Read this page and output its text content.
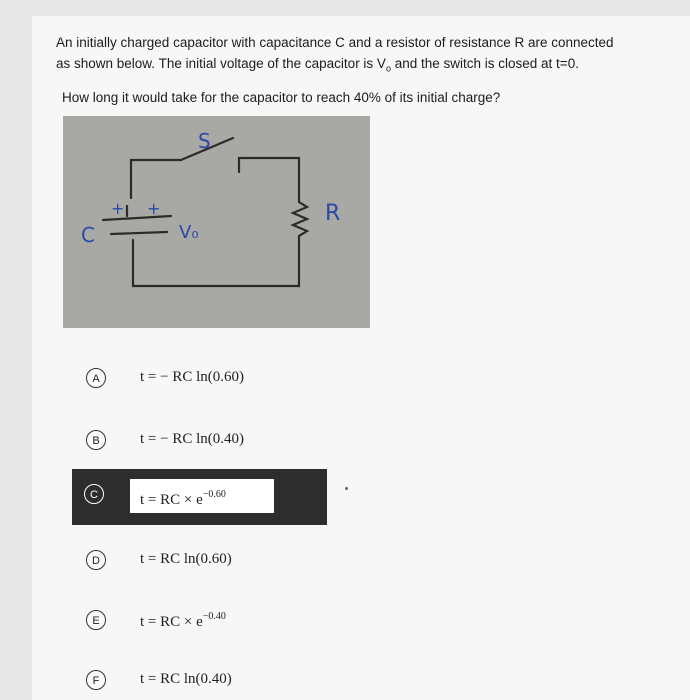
An initially charged capacitor with capacitance C and a resistor of resistance R are connected
as shown below. The initial voltage of the capacitor is $V_o$ and the switch is closed at t=0.
How long it would take for the capacitor to reach 40% of its initial charge?
S
R
C	V₀
+ +
A	t = − RC ln(0.60)
B	t = − RC ln(0.40)
C	t = RC × $e^{-0.60}$
D	t = RC ln(0.60)
E	t = RC × $e^{-0.40}$
F	t = RC ln(0.40)
